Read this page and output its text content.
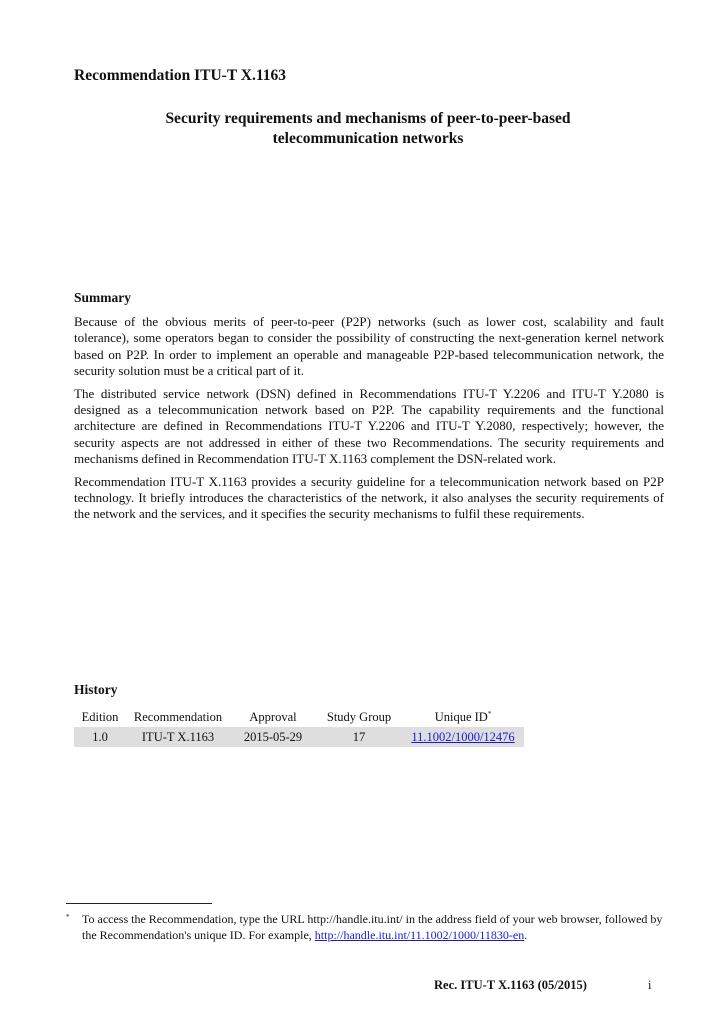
Recommendation ITU-T X.1163
Security requirements and mechanisms of peer-to-peer-based
telecommunication networks
Summary

Because of the obvious merits of peer-to-peer (P2P) networks (such as lower cost, scalability and fault tolerance), some operators began to consider the possibility of constructing the next-generation kernel network based on P2P. In order to implement an operable and manageable P2P-based telecommunication network, the security solution must be a critical part of it.

The distributed service network (DSN) defined in Recommendations ITU-T Y.2206 and ITU-T Y.2080 is designed as a telecommunication network based on P2P. The capability requirements and the functional architecture are defined in Recommendations ITU-T Y.2206 and ITU-T Y.2080, respectively; however, the security aspects are not addressed in either of these two Recommendations. The security requirements and mechanisms defined in Recommendation ITU-T X.1163 complement the DSN-related work.

Recommendation ITU-T X.1163 provides a security guideline for a telecommunication network based on P2P technology. It briefly introduces the characteristics of the network, it also analyses the security requirements of the network and the services, and it specifies the security mechanisms to fulfil these requirements.

History
Edition	Recommendation	Approval	Study Group	Unique ID*
1.0	ITU-T X.1163	2015-05-29	17	11.1002/1000/12476
* To access the Recommendation, type the URL http://handle.itu.int/ in the address field of your web browser, followed by the Recommendation's unique ID. For example, http://handle.itu.int/11.1002/1000/11830-en.
Rec. ITU-T X.1163 (05/2015)	i
